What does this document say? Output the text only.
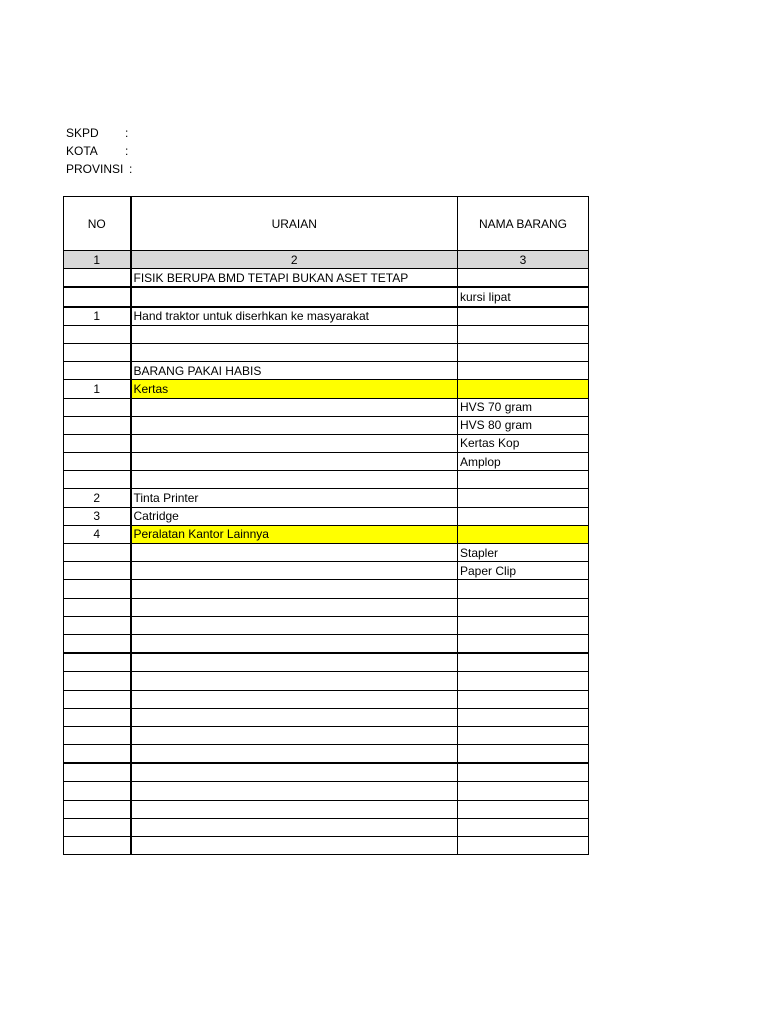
SKPD :
KOTA :
PROVINSI :
NO	URAIAN	NAMA BARANG
1	2	3
	FISIK BERUPA BMD TETAPI BUKAN ASET TETAP	
		kursi lipat
1	Hand traktor untuk diserhkan ke masyarakat	

	BARANG PAKAI HABIS	
1	Kertas	
		HVS 70 gram
		HVS 80 gram
		Kertas Kop
		Amplop

2	Tinta Printer	
3	Catridge	
4	Peralatan Kantor Lainnya	
		Stapler
		Paper Clip
